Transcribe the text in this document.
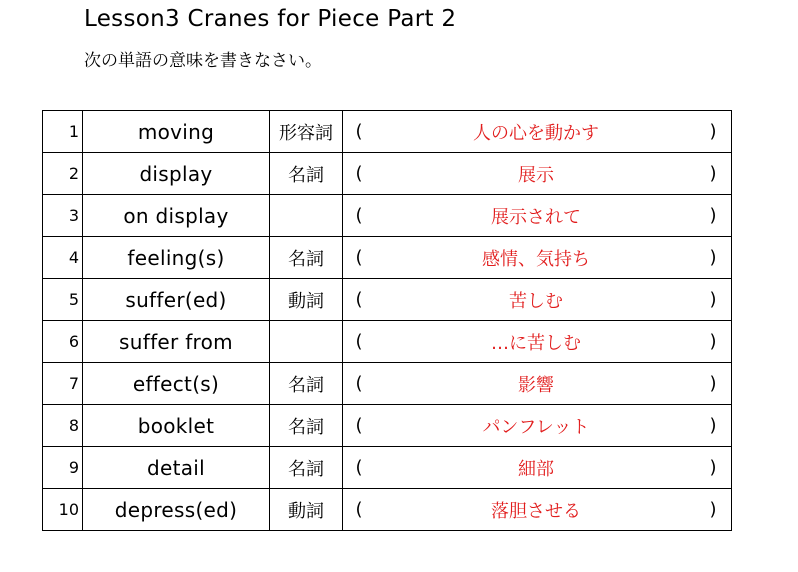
Lesson3 Cranes for Piece Part 2
次の単語の意味を書きなさい。
1	moving	形容詞	( 人の心を動かす )

2	display	名詞	( 展示 )

3	on display		( 展示されて )

4	feeling(s)	名詞	( 感情、気持ち )

5	suffer(ed)	動詞	( 苦しむ )

6	suffer from		( …に苦しむ )

7	effect(s)	名詞	( 影響 )

8	booklet	名詞	( パンフレット )

9	detail	名詞	( 細部 )

10	depress(ed)	動詞	( 落胆させる )
